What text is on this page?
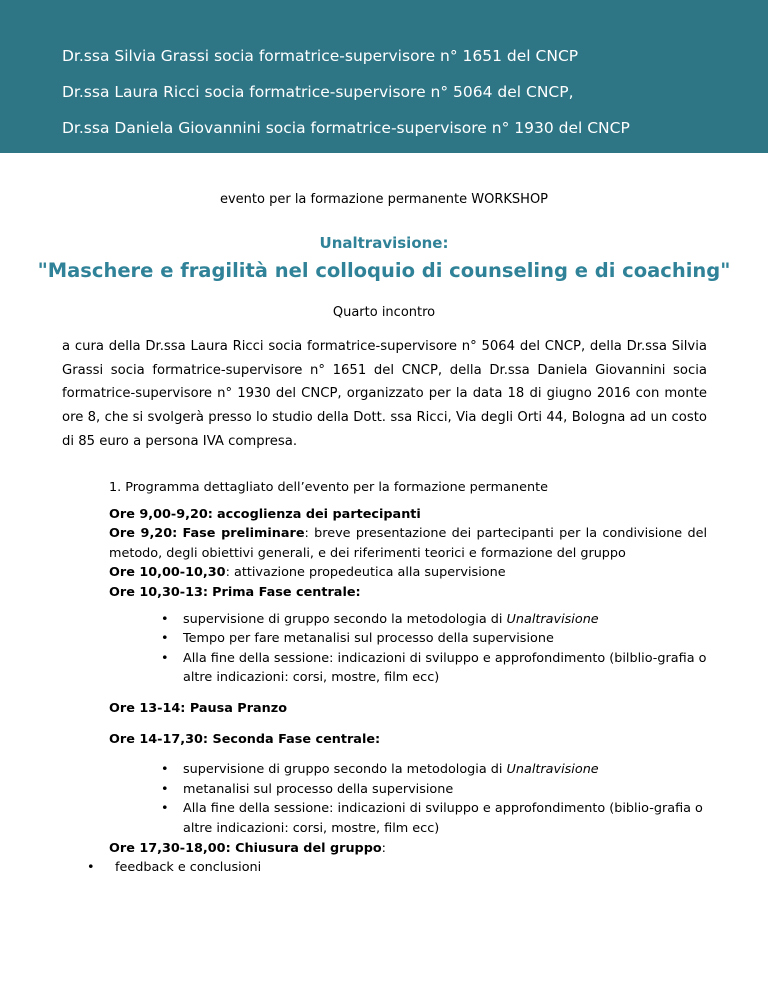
Dr.ssa Silvia Grassi socia formatrice-supervisore n° 1651 del CNCP
Dr.ssa Laura Ricci socia formatrice-supervisore n° 5064 del CNCP,
Dr.ssa Daniela Giovannini socia formatrice-supervisore n° 1930 del CNCP
evento per la formazione permanente WORKSHOP
Unaltravisione:
"Maschere e fragilità nel colloquio di counseling e di coaching"
Quarto incontro
a cura della Dr.ssa Laura Ricci socia formatrice-supervisore n° 5064 del CNCP, della Dr.ssa Silvia Grassi socia formatrice-supervisore n° 1651 del CNCP, della Dr.ssa Daniela Giovannini socia formatrice-supervisore n° 1930 del CNCP, organizzato per la data 18 di giugno 2016 con monte ore 8, che si svolgerà presso lo studio della Dott. ssa Ricci, Via degli Orti 44, Bologna ad un costo di 85 euro a persona IVA compresa.

1. Programma dettagliato dell’evento per la formazione permanente

Ore 9,00-9,20: accoglienza dei partecipanti

Ore 9,20: Fase preliminare: breve presentazione dei partecipanti per la condivisione del metodo, degli obiettivi generali, e dei riferimenti teorici e formazione del gruppo

Ore 10,00-10,30: attivazione propedeutica alla supervisione

Ore 10,30-13: Prima Fase centrale:

• supervisione di gruppo secondo la metodologia di Unaltravisione
• Tempo per fare metanalisi sul processo della supervisione
• Alla fine della sessione: indicazioni di sviluppo e approfondimento (bilblio-grafia o altre indicazioni: corsi, mostre, film ecc)

Ore 13-14: Pausa Pranzo

Ore 14-17,30: Seconda Fase centrale:

• supervisione di gruppo secondo la metodologia di Unaltravisione
• metanalisi sul processo della supervisione
• Alla fine della sessione: indicazioni di sviluppo e approfondimento (biblio-grafia o altre indicazioni: corsi, mostre, film ecc)

Ore 17,30-18,00: Chiusura del gruppo:

• feedback e conclusioni
